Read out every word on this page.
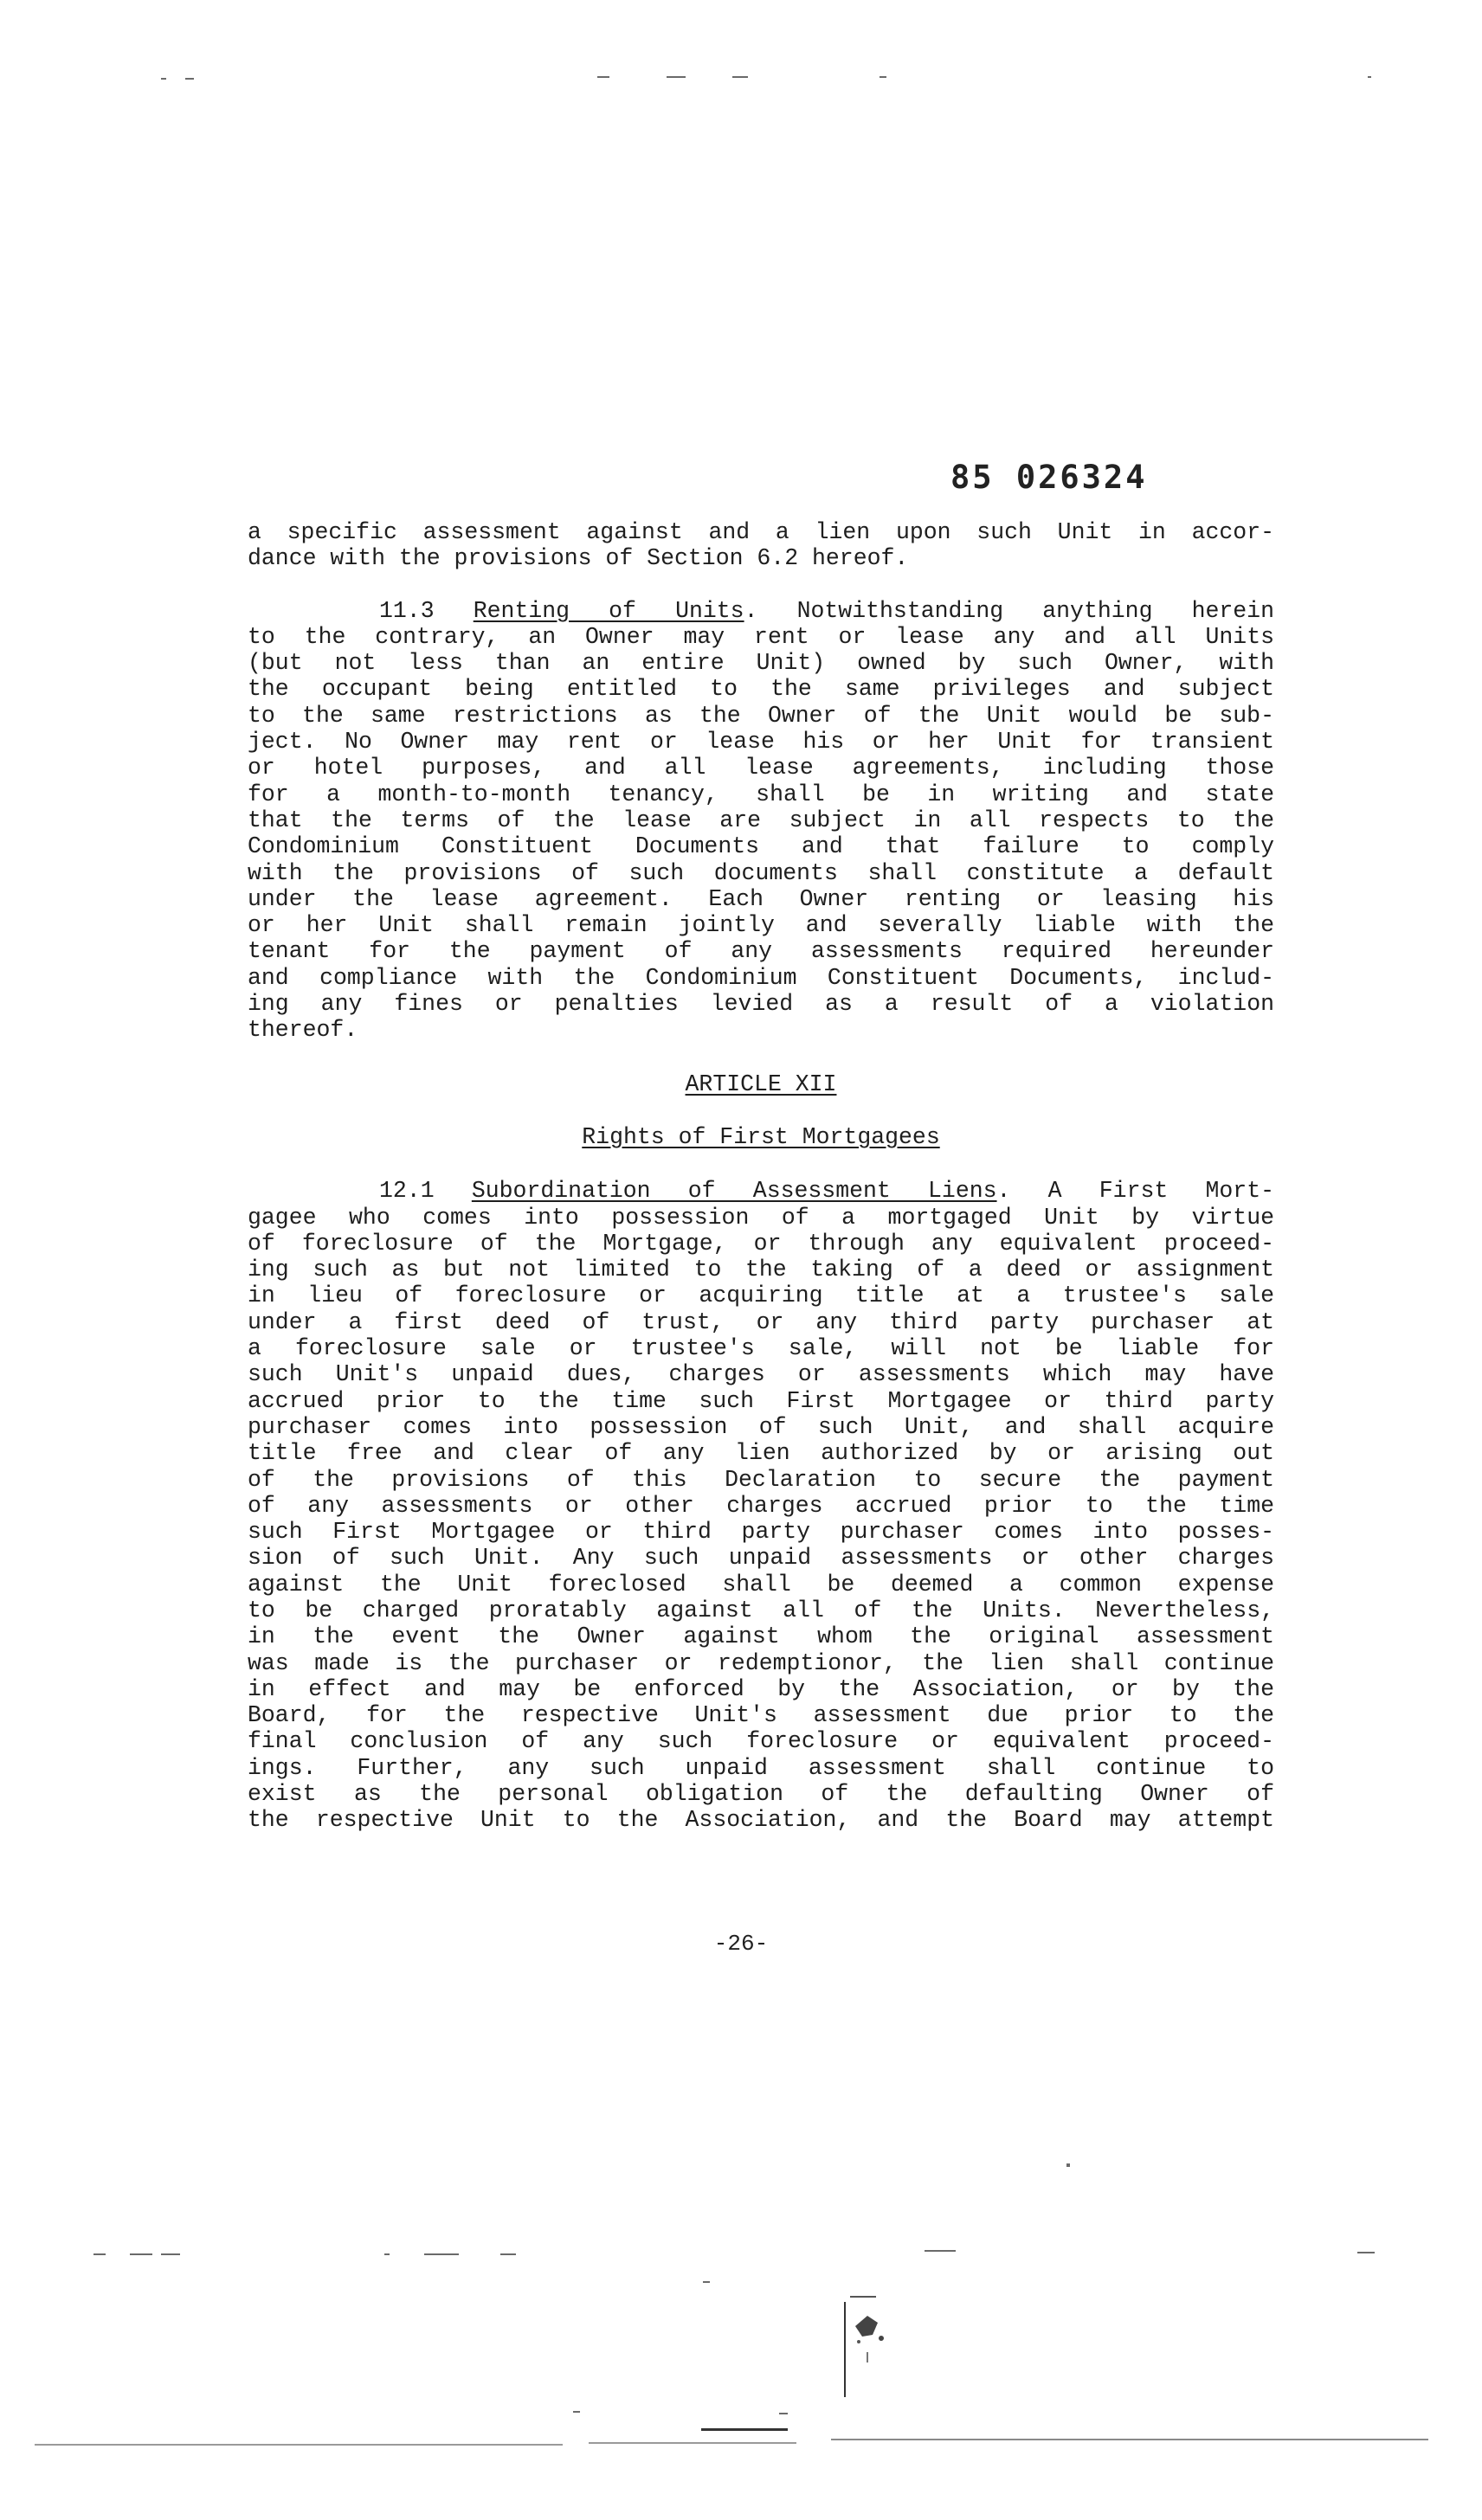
85 026324
a specific assessment against and a lien upon such Unit in accor-
dance with the provisions of Section 6.2 hereof.
11.3 Renting of Units. Notwithstanding anything herein
to the contrary, an Owner may rent or lease any and all Units
(but not less than an entire Unit) owned by such Owner, with
the occupant being entitled to the same privileges and subject
to the same restrictions as the Owner of the Unit would be sub-
ject. No Owner may rent or lease his or her Unit for transient
or hotel purposes, and all lease agreements, including those
for a month-to-month tenancy, shall be in writing and state
that the terms of the lease are subject in all respects to the
Condominium Constituent Documents and that failure to comply
with the provisions of such documents shall constitute a default
under the lease agreement. Each Owner renting or leasing his
or her Unit shall remain jointly and severally liable with the
tenant for the payment of any assessments required hereunder
and compliance with the Condominium Constituent Documents, includ-
ing any fines or penalties levied as a result of a violation
thereof.
ARTICLE XII
Rights of First Mortgagees
12.1 Subordination of Assessment Liens. A First Mort-
gagee who comes into possession of a mortgaged Unit by virtue
of foreclosure of the Mortgage, or through any equivalent proceed-
ing such as but not limited to the taking of a deed or assignment
in lieu of foreclosure or acquiring title at a trustee's sale
under a first deed of trust, or any third party purchaser at
a foreclosure sale or trustee's sale, will not be liable for
such Unit's unpaid dues, charges or assessments which may have
accrued prior to the time such First Mortgagee or third party
purchaser comes into possession of such Unit, and shall acquire
title free and clear of any lien authorized by or arising out
of the provisions of this Declaration to secure the payment
of any assessments or other charges accrued prior to the time
such First Mortgagee or third party purchaser comes into posses-
sion of such Unit. Any such unpaid assessments or other charges
against the Unit foreclosed shall be deemed a common expense
to be charged proratably against all of the Units. Nevertheless,
in the event the Owner against whom the original assessment
was made is the purchaser or redemptionor, the lien shall continue
in effect and may be enforced by the Association, or by the
Board, for the respective Unit's assessment due prior to the
final conclusion of any such foreclosure or equivalent proceed-
ings. Further, any such unpaid assessment shall continue to
exist as the personal obligation of the defaulting Owner of
the respective Unit to the Association, and the Board may attempt
-26-
